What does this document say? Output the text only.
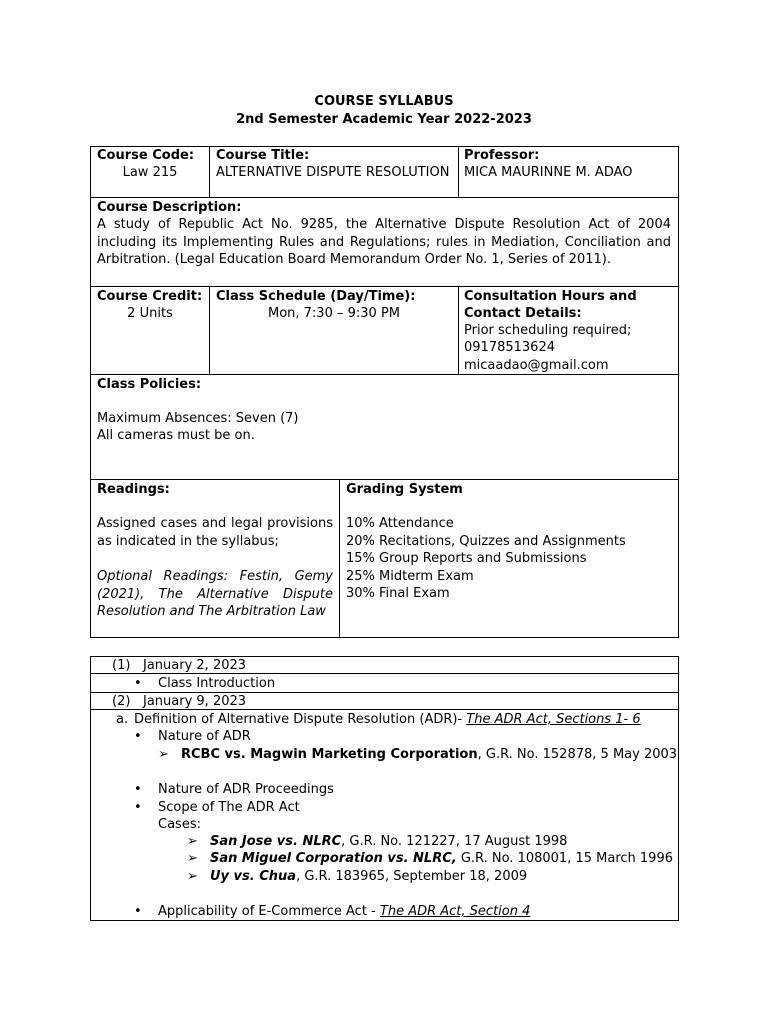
COURSE SYLLABUS
2nd Semester Academic Year 2022-2023
Course Code:
Law 215
Course Title:
ALTERNATIVE DISPUTE RESOLUTION
Professor:
MICA MAURINNE M. ADAO
Course Description:
A study of Republic Act No. 9285, the Alternative Dispute Resolution Act of 2004 including its Implementing Rules and Regulations; rules in Mediation, Conciliation and Arbitration. (Legal Education Board Memorandum Order No. 1, Series of 2011).
Course Credit:
2 Units
Class Schedule (Day/Time):
Mon, 7:30 – 9:30 PM
Consultation Hours and
Contact Details:
Prior scheduling required;
09178513624
micaadao@gmail.com
Class Policies:
Maximum Absences: Seven (7)
All cameras must be on.
Readings:
Assigned cases and legal provisions as indicated in the syllabus;
Optional Readings: Festin, Gemy (2021), The Alternative Dispute Resolution and The Arbitration Law
Grading System
10% Attendance
20% Recitations, Quizzes and Assignments
15% Group Reports and Submissions
25% Midterm Exam
30% Final Exam
(1) January 2, 2023
• Class Introduction
(2) January 9, 2023
a. Definition of Alternative Dispute Resolution (ADR)- The ADR Act, Sections 1- 6
• Nature of ADR
➢ RCBC vs. Magwin Marketing Corporation, G.R. No. 152878, 5 May 2003
• Nature of ADR Proceedings
• Scope of The ADR Act
Cases:
➢ San Jose vs. NLRC, G.R. No. 121227, 17 August 1998
➢ San Miguel Corporation vs. NLRC, G.R. No. 108001, 15 March 1996
➢ Uy vs. Chua, G.R. 183965, September 18, 2009
• Applicability of E-Commerce Act - The ADR Act, Section 4
